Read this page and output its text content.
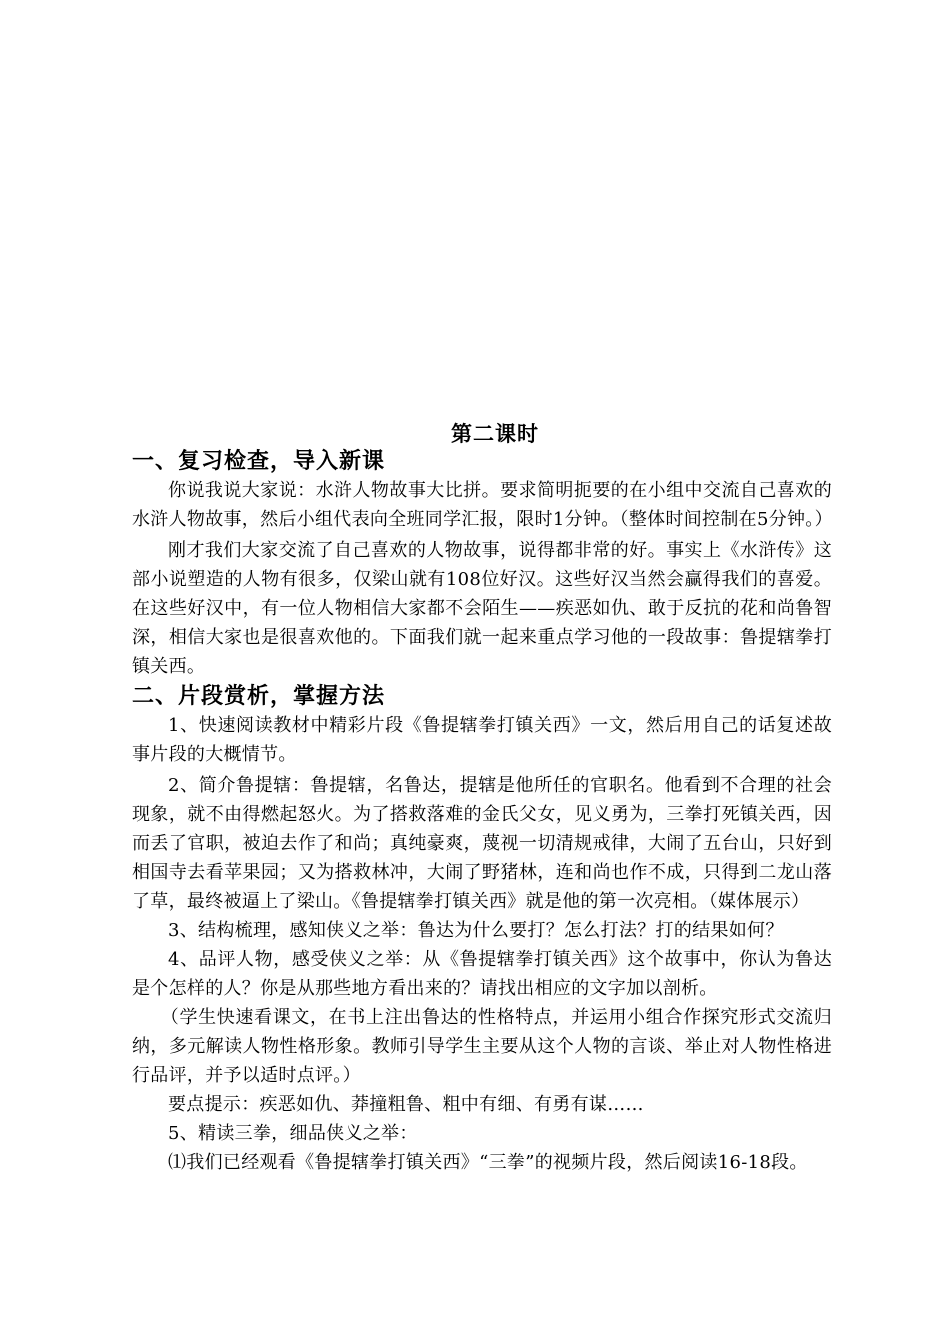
第二课时
一、复习检查，导入新课

你说我说大家说：水浒人物故事大比拼。要求简明扼要的在小组中交流自己喜欢的水浒人物故事，然后小组代表向全班同学汇报，限时1分钟。（整体时间控制在5分钟。）

刚才我们大家交流了自己喜欢的人物故事，说得都非常的好。事实上《水浒传》这部小说塑造的人物有很多，仅梁山就有108位好汉。这些好汉当然会赢得我们的喜爱。在这些好汉中，有一位人物相信大家都不会陌生——疾恶如仇、敢于反抗的花和尚鲁智深，相信大家也是很喜欢他的。下面我们就一起来重点学习他的一段故事：鲁提辖拳打镇关西。

二、片段赏析，掌握方法

1、快速阅读教材中精彩片段《鲁提辖拳打镇关西》一文，然后用自己的话复述故事片段的大概情节。

2、简介鲁提辖：鲁提辖，名鲁达，提辖是他所任的官职名。他看到不合理的社会现象，就不由得燃起怒火。为了搭救落难的金氏父女，见义勇为，三拳打死镇关西，因而丢了官职，被迫去作了和尚；真纯豪爽，蔑视一切清规戒律，大闹了五台山，只好到相国寺去看苹果园；又为搭救林冲，大闹了野猪林，连和尚也作不成，只得到二龙山落了草，最终被逼上了梁山。《鲁提辖拳打镇关西》就是他的第一次亮相。（媒体展示）

3、结构梳理，感知侠义之举：鲁达为什么要打？怎么打法？打的结果如何？

4、品评人物，感受侠义之举：从《鲁提辖拳打镇关西》这个故事中，你认为鲁达是个怎样的人？你是从那些地方看出来的？请找出相应的文字加以剖析。

（学生快速看课文，在书上注出鲁达的性格特点，并运用小组合作探究形式交流归纳，多元解读人物性格形象。教师引导学生主要从这个人物的言谈、举止对人物性格进行品评，并予以适时点评。）

要点提示：疾恶如仇、莽撞粗鲁、粗中有细、有勇有谋……

5、精读三拳，细品侠义之举：

⑴我们已经观看《鲁提辖拳打镇关西》“三拳”的视频片段，然后阅读16-18段。
